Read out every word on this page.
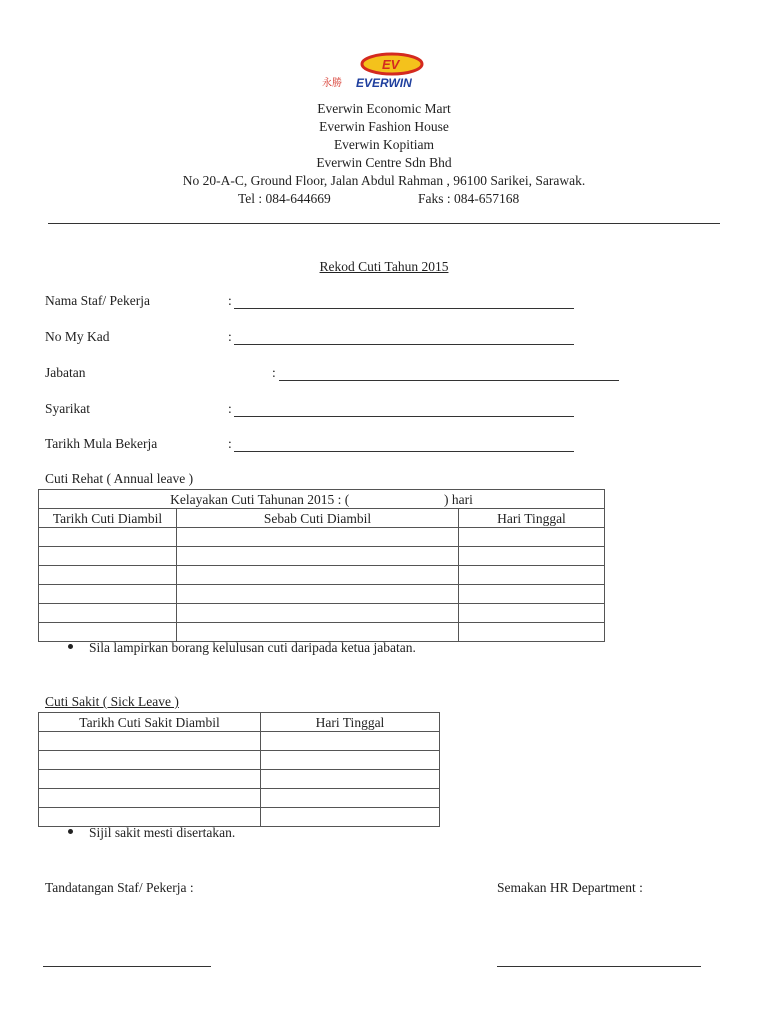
EV
永勝 EVERWIN
Everwin Economic Mart
Everwin Fashion House
Everwin Kopitiam
Everwin Centre Sdn Bhd
No 20-A-C, Ground Floor, Jalan Abdul Rahman , 96100 Sarikei, Sarawak.
Tel : 084-644669	Faks : 084-657168
Rekod Cuti Tahun 2015
Nama Staf/ Pekerja	:
No My Kad	:
Jabatan	:
Syarikat	:
Tarikh Mula Bekerja	:
Cuti Rehat ( Annual leave )
Kelayakan Cuti Tahunan 2015 : ( ) hari		
Tarikh Cuti Diambil	Sebab Cuti Diambil	Hari Tinggal

Sila lampirkan borang kelulusan cuti daripada ketua jabatan.
Cuti Sakit ( Sick Leave )
Tarikh Cuti Sakit Diambil	Hari Tinggal

Sijil sakit mesti disertakan.
Tandatangan Staf/ Pekerja :	Semakan HR Department :
